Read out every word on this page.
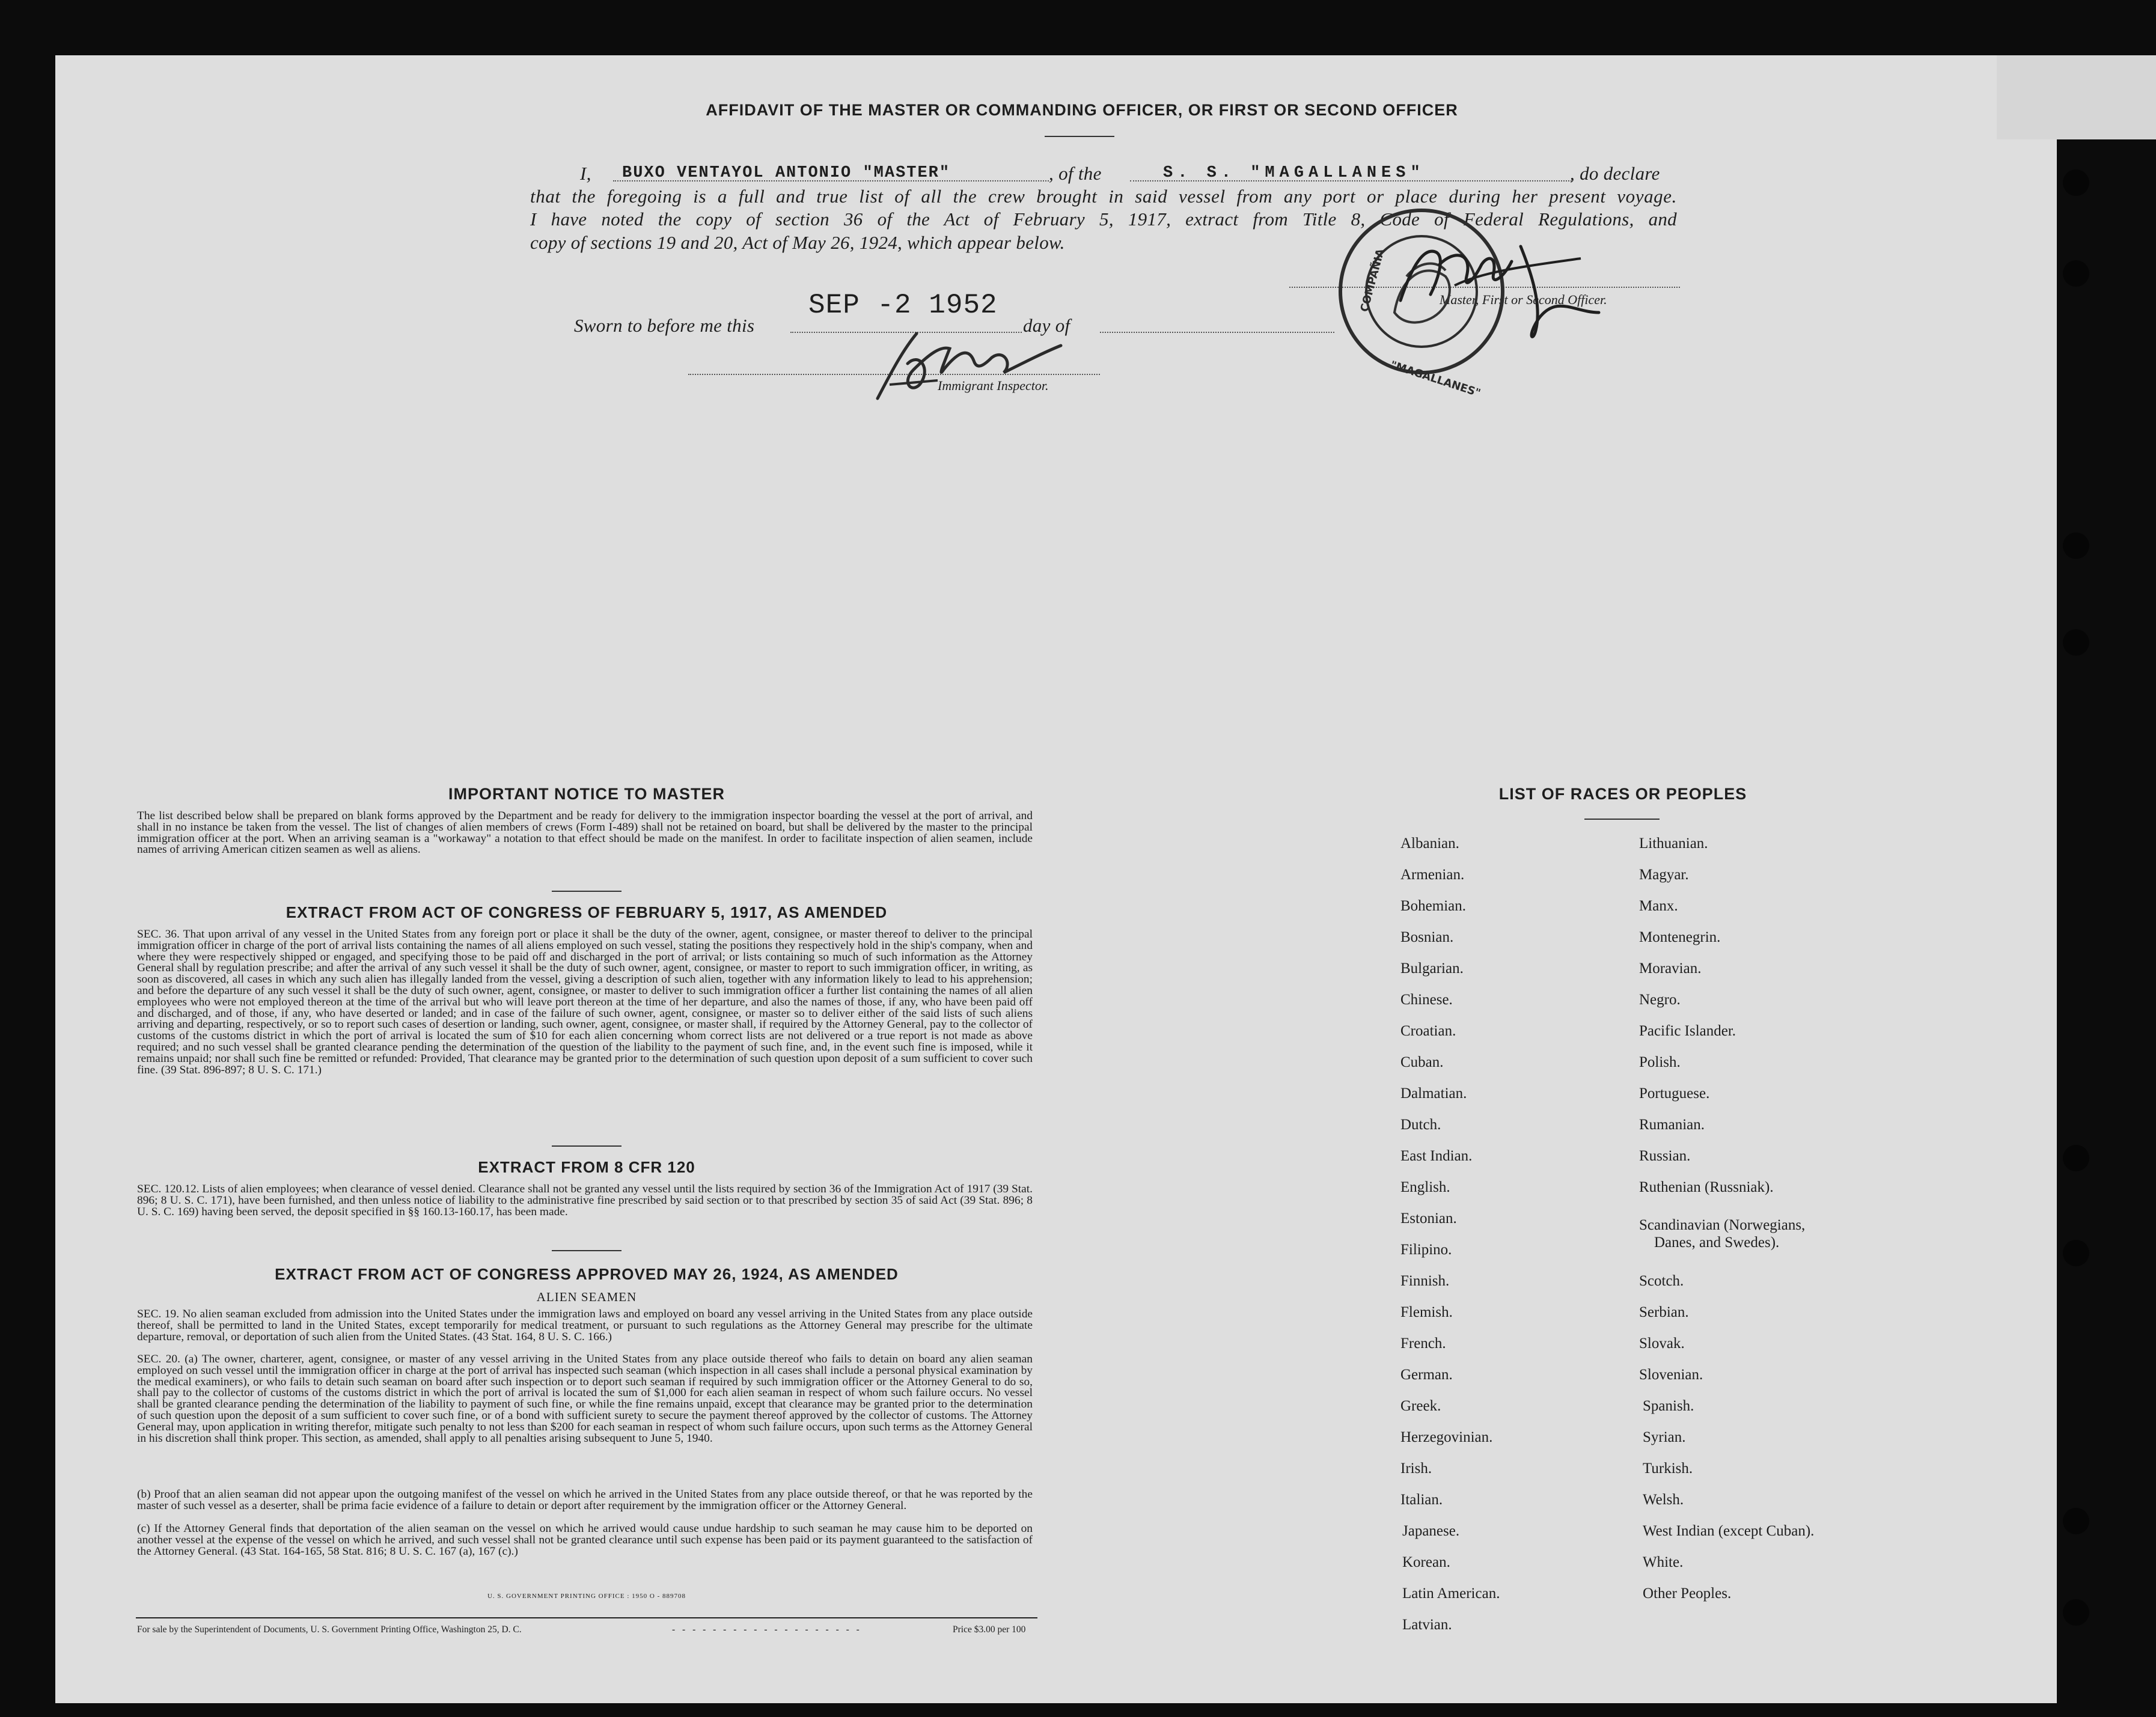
AFFIDAVIT OF THE MASTER OR COMMANDING OFFICER, OR FIRST OR SECOND OFFICER
I, BUXO VENTAYOL ANTONIO "MASTER"	, of the	S. S. "MAGALLANES"	, do declare
that the foregoing is a full and true list of all the crew brought in said vessel from any port or place during her present voyage.
I have noted the copy of section 36 of the Act of February 5, 1917, extract from Title 8, Code of Federal Regulations, and
copy of sections 19 and 20, Act of May 26, 1924, which appear below.
Sworn to before me this
SEP -2 1952
day of
Immigrant Inspector.
Master, First or Second Officer.
COMPAÑIA
"MAGALLANES"
IMPORTANT NOTICE TO MASTER
The list described below shall be prepared on blank forms approved by the Department and be ready for delivery to the immigration inspector boarding the vessel at the port of arrival, and shall in no instance be taken from the vessel. The list of changes of alien members of crews (Form I-489) shall not be retained on board, but shall be delivered by the master to the principal immigration officer at the port. When an arriving seaman is a "workaway" a notation to that effect should be made on the manifest. In order to facilitate inspection of alien seamen, include names of arriving American citizen seamen as well as aliens.
EXTRACT FROM ACT OF CONGRESS OF FEBRUARY 5, 1917, AS AMENDED
SEC. 36. That upon arrival of any vessel in the United States from any foreign port or place it shall be the duty of the owner, agent, consignee, or master thereof to deliver to the principal immigration officer in charge of the port of arrival lists containing the names of all aliens employed on such vessel, stating the positions they respectively hold in the ship's company, when and where they were respectively shipped or engaged, and specifying those to be paid off and discharged in the port of arrival; or lists containing so much of such information as the Attorney General shall by regulation prescribe; and after the arrival of any such vessel it shall be the duty of such owner, agent, consignee, or master to report to such immigration officer, in writing, as soon as discovered, all cases in which any such alien has illegally landed from the vessel, giving a description of such alien, together with any information likely to lead to his apprehension; and before the departure of any such vessel it shall be the duty of such owner, agent, consignee, or master to deliver to such immigration officer a further list containing the names of all alien employees who were not employed thereon at the time of the arrival but who will leave port thereon at the time of her departure, and also the names of those, if any, who have been paid off and discharged, and of those, if any, who have deserted or landed; and in case of the failure of such owner, agent, consignee, or master so to deliver either of the said lists of such aliens arriving and departing, respectively, or so to report such cases of desertion or landing, such owner, agent, consignee, or master shall, if required by the Attorney General, pay to the collector of customs of the customs district in which the port of arrival is located the sum of $10 for each alien concerning whom correct lists are not delivered or a true report is not made as above required; and no such vessel shall be granted clearance pending the determination of the question of the liability to the payment of such fine, and, in the event such fine is imposed, while it remains unpaid; nor shall such fine be remitted or refunded: Provided, That clearance may be granted prior to the determination of such question upon deposit of a sum sufficient to cover such fine. (39 Stat. 896-897; 8 U. S. C. 171.)
EXTRACT FROM 8 CFR 120
SEC. 120.12. Lists of alien employees; when clearance of vessel denied. Clearance shall not be granted any vessel until the lists required by section 36 of the Immigration Act of 1917 (39 Stat. 896; 8 U. S. C. 171), have been furnished, and then unless notice of liability to the administrative fine prescribed by said section or to that prescribed by section 35 of said Act (39 Stat. 896; 8 U. S. C. 169) having been served, the deposit specified in §§ 160.13-160.17, has been made.
EXTRACT FROM ACT OF CONGRESS APPROVED MAY 26, 1924, AS AMENDED
ALIEN SEAMEN
SEC. 19. No alien seaman excluded from admission into the United States under the immigration laws and employed on board any vessel arriving in the United States from any place outside thereof, shall be permitted to land in the United States, except temporarily for medical treatment, or pursuant to such regulations as the Attorney General may prescribe for the ultimate departure, removal, or deportation of such alien from the United States. (43 Stat. 164, 8 U. S. C. 166.)
SEC. 20. (a) The owner, charterer, agent, consignee, or master of any vessel arriving in the United States from any place outside thereof who fails to detain on board any alien seaman employed on such vessel until the immigration officer in charge at the port of arrival has inspected such seaman (which inspection in all cases shall include a personal physical examination by the medical examiners), or who fails to detain such seaman on board after such inspection or to deport such seaman if required by such immigration officer or the Attorney General to do so, shall pay to the collector of customs of the customs district in which the port of arrival is located the sum of $1,000 for each alien seaman in respect of whom such failure occurs. No vessel shall be granted clearance pending the determination of the liability to payment of such fine, or while the fine remains unpaid, except that clearance may be granted prior to the determination of such question upon the deposit of a sum sufficient to cover such fine, or of a bond with sufficient surety to secure the payment thereof approved by the collector of customs. The Attorney General may, upon application in writing therefor, mitigate such penalty to not less than $200 for each seaman in respect of whom such failure occurs, upon such terms as the Attorney General in his discretion shall think proper. This section, as amended, shall apply to all penalties arising subsequent to June 5, 1940.
(b) Proof that an alien seaman did not appear upon the outgoing manifest of the vessel on which he arrived in the United States from any place outside thereof, or that he was reported by the master of such vessel as a deserter, shall be prima facie evidence of a failure to detain or deport after requirement by the immigration officer or the Attorney General.
(c) If the Attorney General finds that deportation of the alien seaman on the vessel on which he arrived would cause undue hardship to such seaman he may cause him to be deported on another vessel at the expense of the vessel on which he arrived, and such vessel shall not be granted clearance until such expense has been paid or its payment guaranteed to the satisfaction of the Attorney General. (43 Stat. 164-165, 58 Stat. 816; 8 U. S. C. 167 (a), 167 (c).)
U. S. GOVERNMENT PRINTING OFFICE : 1950 O - 889708
For sale by the Superintendent of Documents, U. S. Government Printing Office, Washington 25, D. C.	- - - - - - - - - - - - - - - - - - -	Price $3.00 per 100
LIST OF RACES OR PEOPLES
Albanian.
Armenian.
Bohemian.
Bosnian.
Bulgarian.
Chinese.
Croatian.
Cuban.
Dalmatian.
Dutch.
East Indian.
English.
Estonian.
Filipino.
Finnish.
Flemish.
French.
German.
Greek.
Herzegovinian.
Irish.
Italian.
Japanese.
Korean.
Latin American.
Latvian.
Lithuanian.
Magyar.
Manx.
Montenegrin.
Moravian.
Negro.
Pacific Islander.
Polish.
Portuguese.
Rumanian.
Russian.
Ruthenian (Russniak).
Scandinavian (Norwegians,
Danes, and Swedes).
Scotch.
Serbian.
Slovak.
Slovenian.
Spanish.
Syrian.
Turkish.
Welsh.
West Indian (except Cuban).
White.
Other Peoples.
